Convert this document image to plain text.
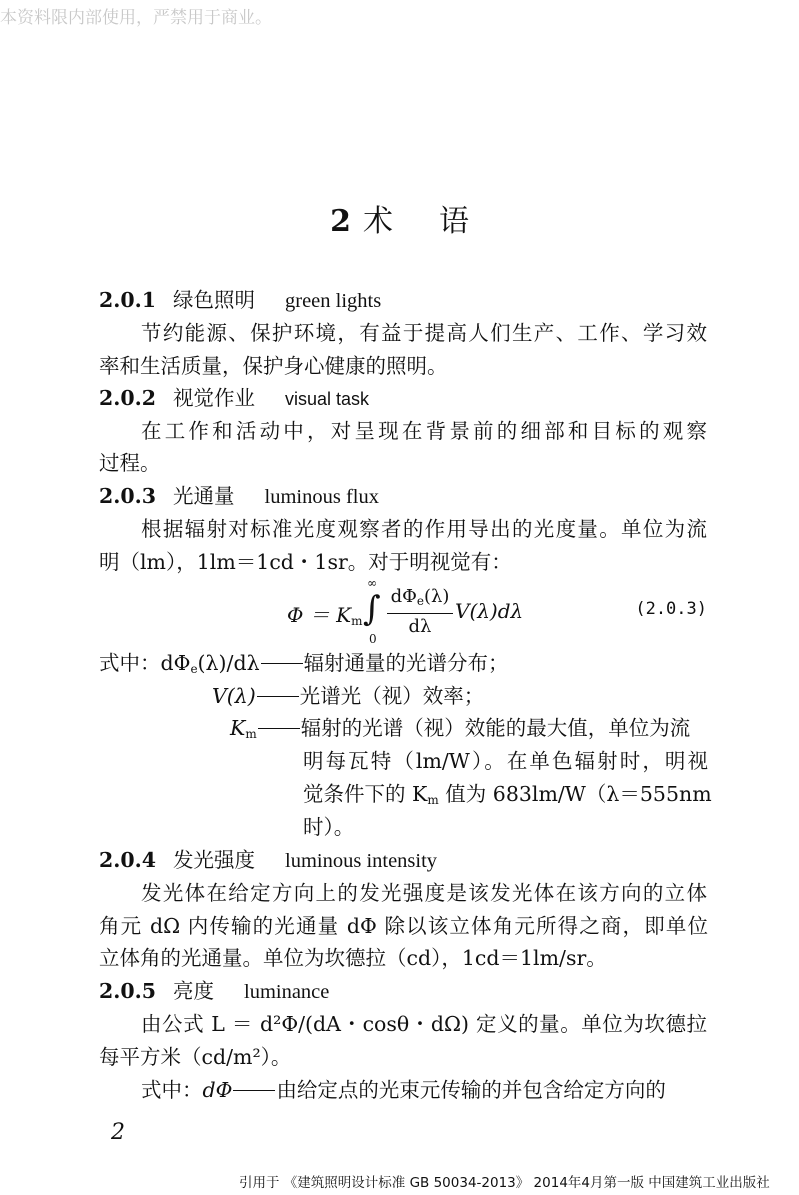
本资料限内部使用，严禁用于商业。
2 术 语
2.0.1 绿色照明 green lights
节约能源、保护环境，有益于提高人们生产、工作、学习效
率和生活质量，保护身心健康的照明。
2.0.2 视觉作业 visual task
在工作和活动中，对呈现在背景前的细部和目标的观察
过程。
2.0.3 光通量 luminous flux
根据辐射对标准光度观察者的作用导出的光度量。单位为流
明（lm），1lm＝1cd・1sr。对于明视觉有：
$\Phi = K_m$
∞
∫
0
$d\Phi_e(\lambda)$
dλ
V(λ)dλ	(2.0.3)
式中：$d\Phi_e(\lambda)/d\lambda$ 辐射通量的光谱分布；
V(λ) 光谱光（视）效率；
$K_m$ 辐射的光谱（视）效能的最大值，单位为流
明每瓦特（lm/W）。在单色辐射时，明视
觉条件下的 $K_m$ 值为 683lm/W（λ＝555nm
时）。
2.0.4 发光强度 luminous intensity
发光体在给定方向上的发光强度是该发光体在该方向的立体
角元 dΩ 内传输的光通量 dΦ 除以该立体角元所得之商，即单位
立体角的光通量。单位为坎德拉（cd），1cd＝1lm/sr。
2.0.5 亮度 luminance
由公式 L ＝ d²Φ/(dA・cosθ・dΩ) 定义的量。单位为坎德拉
每平方米（cd/m²）。
式中：dΦ 由给定点的光束元传输的并包含给定方向的
2
引用于 《建筑照明设计标准 GB 50034-2013》 2014年4月第一版 中国建筑工业出版社
